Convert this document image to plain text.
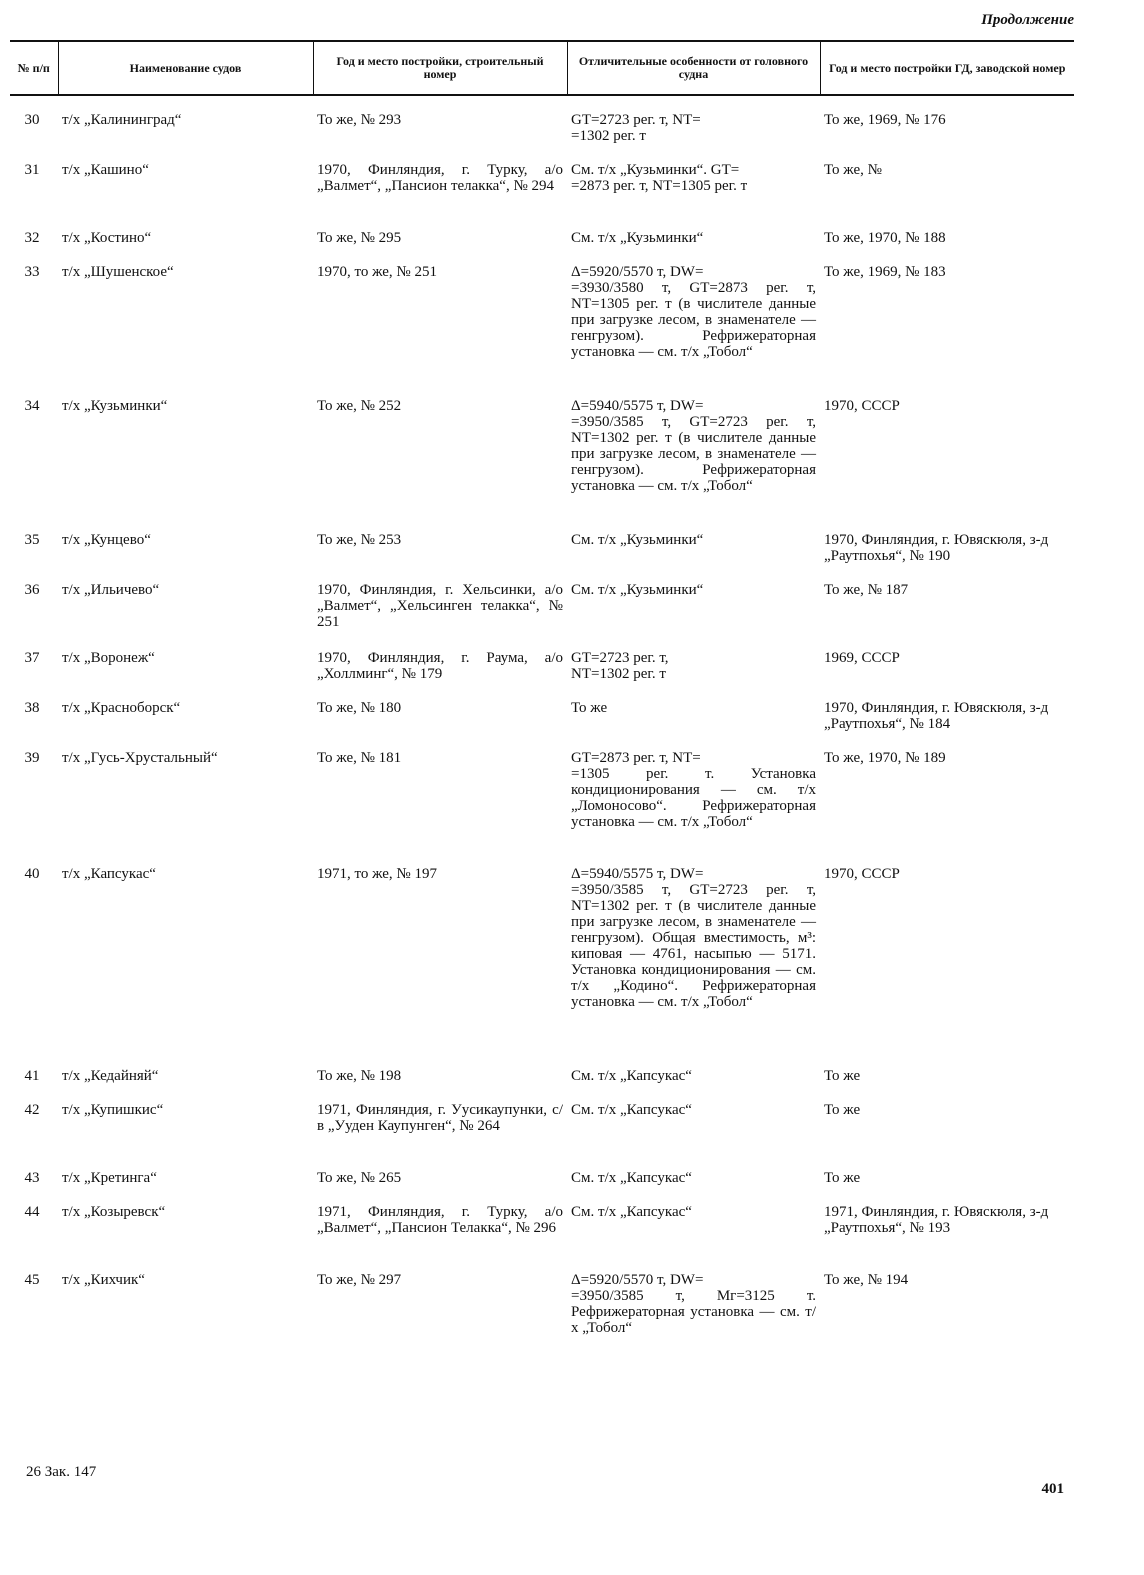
Продолжение
№ п/п	Наименование судов	Год и место постройки, строительный номер	Отличительные особенности от головного судна	Год и место постройки ГД, заводской номер

30	т/х „Калининград“	То же, № 293	GT=2723 рег. т, NT=
=1302 рег. т	То же, 1969, № 176
31	т/х „Кашино“	1970, Финляндия, г. Турку, а/о „Валмет“, „Пансион телакка“, № 294	См. т/х „Кузьминки“. GT=
=2873 рег. т, NT=1305 рег. т	То же, №
32	т/х „Костино“	То же, № 295	См. т/х „Кузьминки“	То же, 1970, № 188
33	т/х „Шушенское“	1970, то же, № 251	Δ=5920/5570 т, DW=
=3930/3580 т, GT=2873 рег. т, NT=1305 рег. т (в числителе данные при загрузке лесом, в знаменателе — генгрузом). Рефрижераторная установка — см. т/х „Тобол“	То же, 1969, № 183
34	т/х „Кузьминки“	То же, № 252	Δ=5940/5575 т, DW=
=3950/3585 т, GT=2723 рег. т, NT=1302 рег. т (в числителе данные при загрузке лесом, в знаменателе — генгрузом). Рефрижераторная установка — см. т/х „Тобол“	1970, СССР
35	т/х „Кунцево“	То же, № 253	См. т/х „Кузьминки“	1970, Финляндия, г. Ювяскюля, з-д „Раутпохья“, № 190
36	т/х „Ильичево“	1970, Финляндия, г. Хельсинки, а/о „Валмет“, „Хельсинген телакка“, № 251	См. т/х „Кузьминки“	То же, № 187
37	т/х „Воронеж“	1970, Финляндия, г. Раума, а/о „Холлминг“, № 179	GT=2723 рег. т,
NT=1302 рег. т	1969, СССР
38	т/х „Красноборск“	То же, № 180	То же	1970, Финляндия, г. Ювяскюля, з-д „Раутпохья“, № 184
39	т/х „Гусь-Хрустальный“	То же, № 181	GT=2873 рег. т, NT=
=1305 рег. т. Установка кондиционирования — см. т/х „Ломоносово“. Рефрижераторная установка — см. т/х „Тобол“	То же, 1970, № 189
40	т/х „Капсукас“	1971, то же, № 197	Δ=5940/5575 т, DW=
=3950/3585 т, GT=2723 рег. т, NT=1302 рег. т (в числителе данные при загрузке лесом, в знаменателе — генгрузом). Общая вместимость, м³: киповая — 4761, насыпью — 5171. Установка кондиционирования — см. т/х „Кодино“. Рефрижераторная установка — см. т/х „Тобол“	1970, СССР
41	т/х „Кедайняй“	То же, № 198	См. т/х „Капсукас“	То же
42	т/х „Купишкис“	1971, Финляндия, г. Уусикаупунки, с/в „Ууден Каупунген“, № 264	См. т/х „Капсукас“	То же
43	т/х „Кретинга“	То же, № 265	См. т/х „Капсукас“	То же
44	т/х „Козыревск“	1971, Финляндия, г. Турку, а/о „Валмет“, „Пансион Телакка“, № 296	См. т/х „Капсукас“	1971, Финляндия, г. Ювяскюля, з-д „Раутпохья“, № 193
45	т/х „Кихчик“	То же, № 297	Δ=5920/5570 т, DW=
=3950/3585 т, Mг=3125 т. Рефрижераторная установка — см. т/х „Тобол“	То же, № 194
26 Зак. 147
401
